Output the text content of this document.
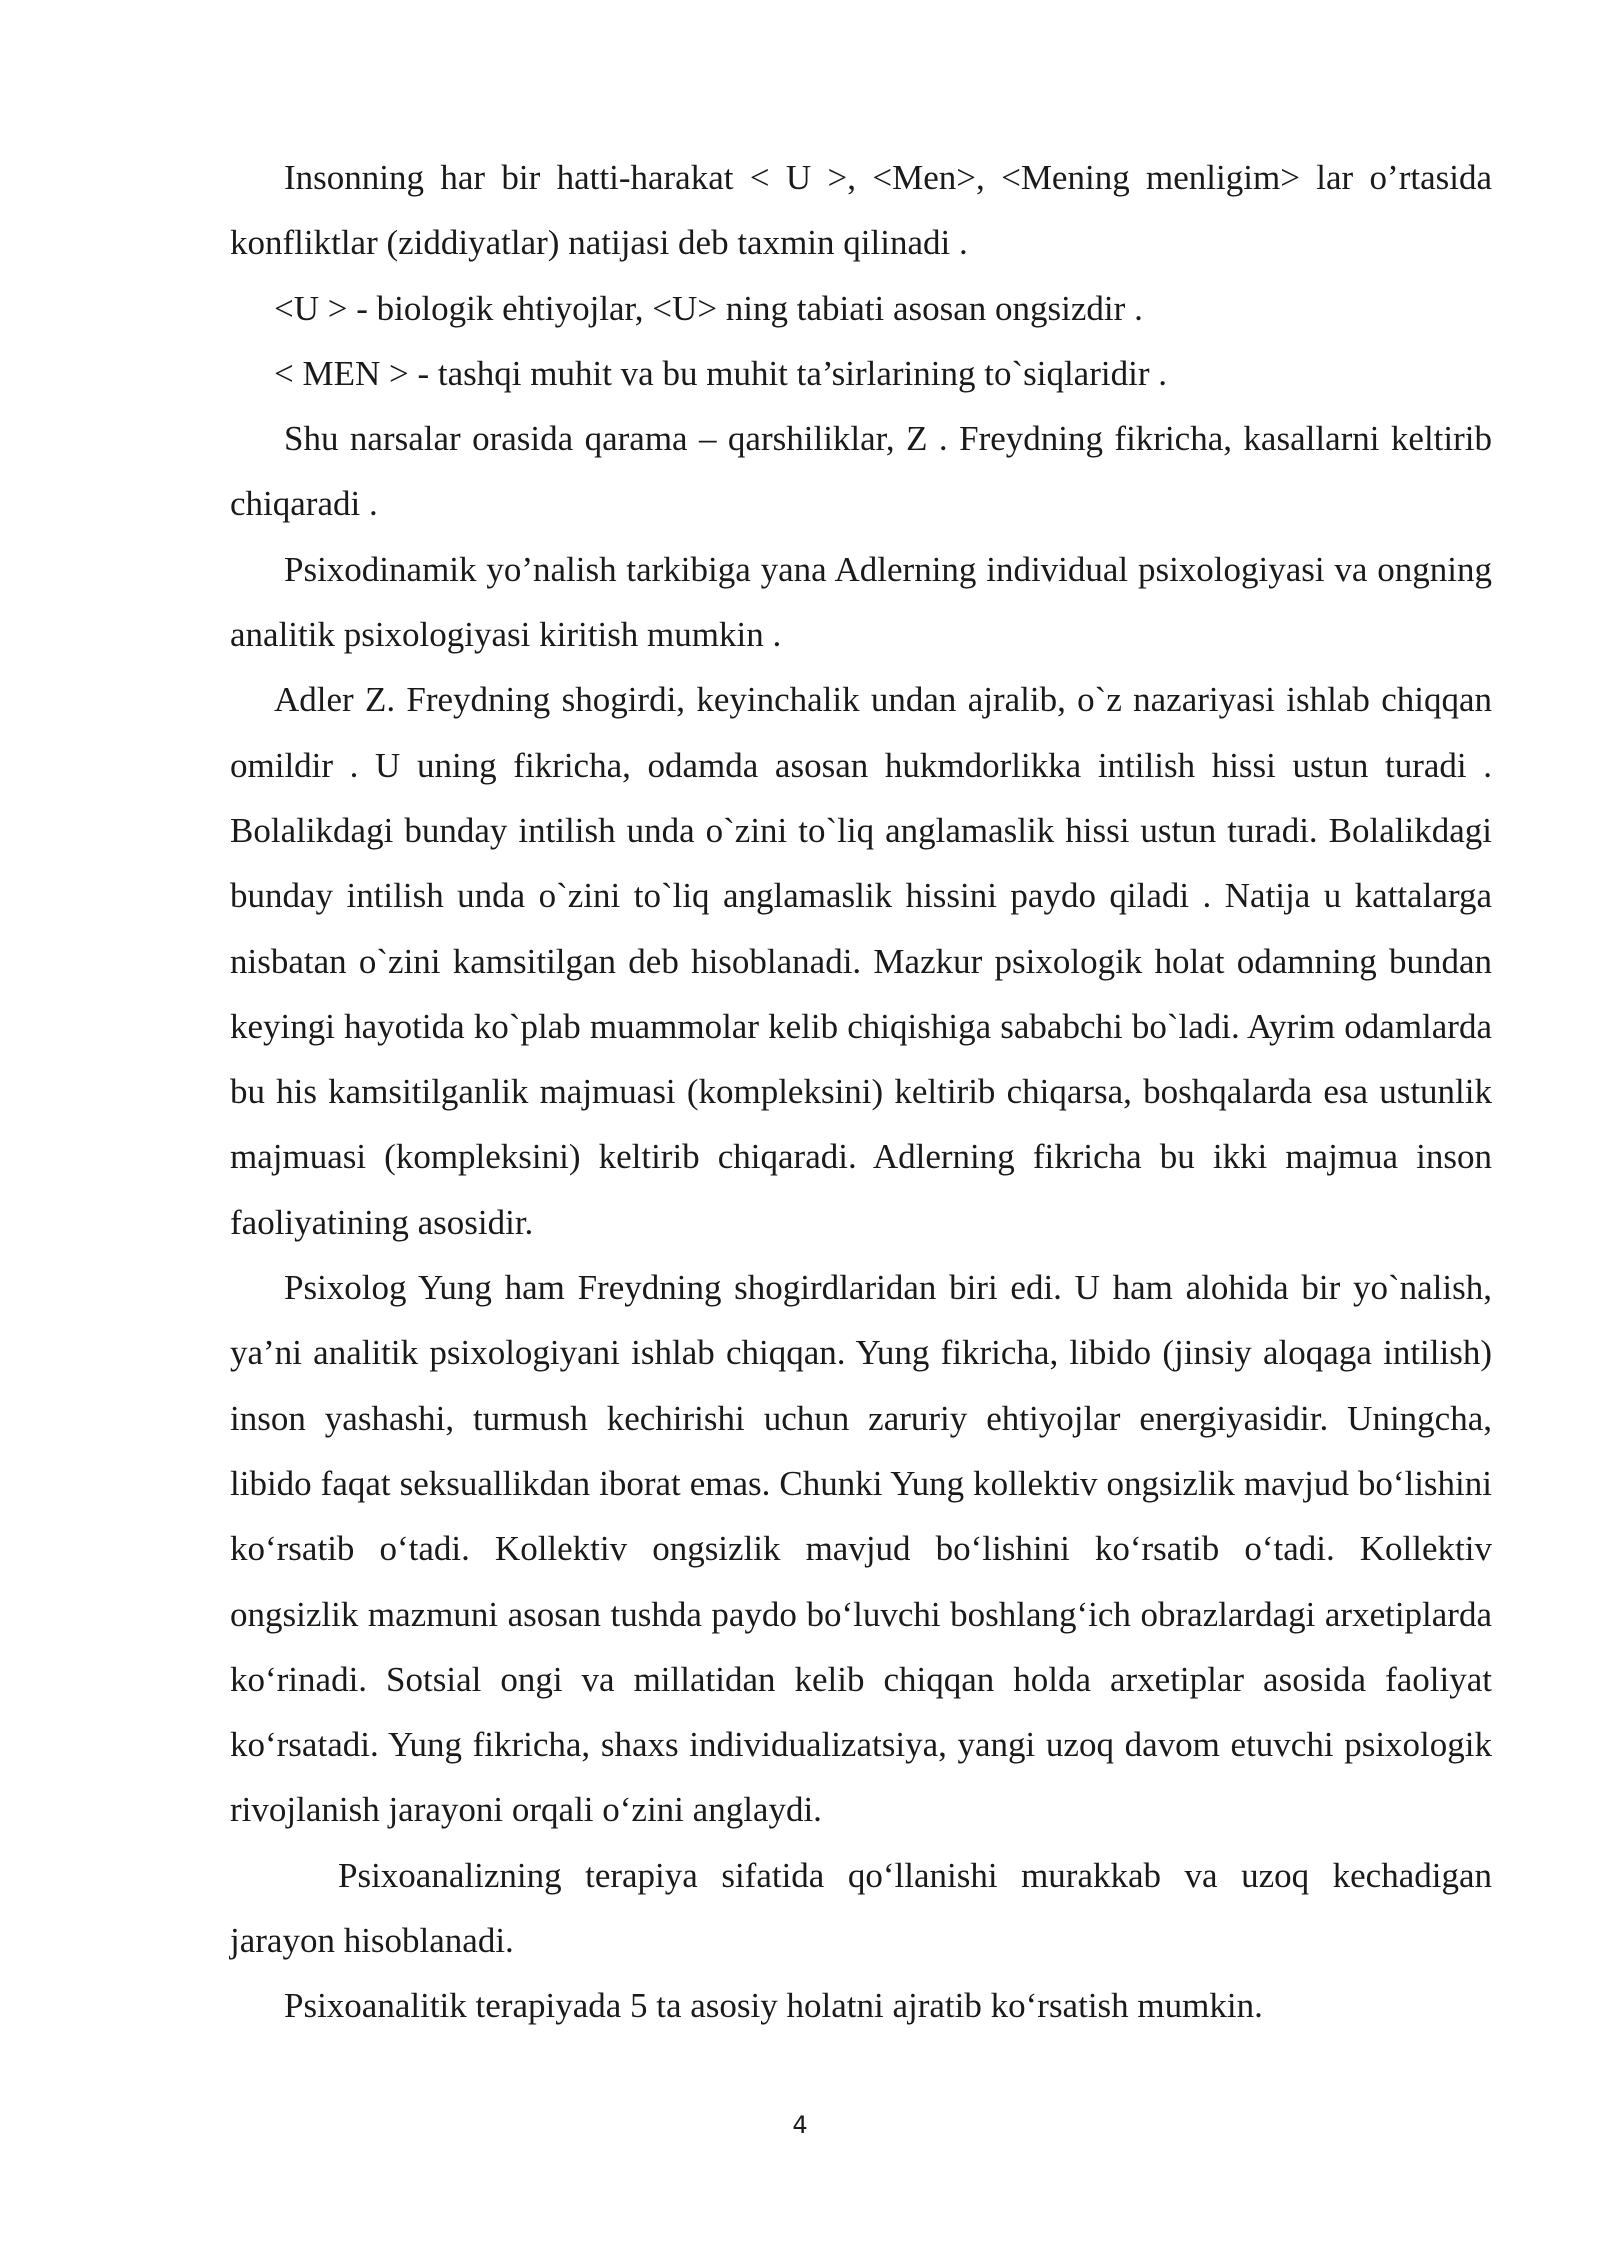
Insonning har bir hatti-harakat < U >, <Men>, <Mening menligim> lar o’rtasida konfliktlar (ziddiyatlar) natijasi deb taxmin qilinadi .

<U > - biologik ehtiyojlar, <U> ning tabiati asosan ongsizdir .

< MEN > - tashqi muhit va bu muhit ta’sirlarining to`siqlaridir .

Shu narsalar orasida qarama – qarshiliklar, Z . Freydning fikricha, kasallarni keltirib chiqaradi .

Psixodinamik yo’nalish tarkibiga yana Adlerning individual psixologiyasi va ongning analitik psixologiyasi kiritish mumkin .

Adler Z. Freydning shogirdi, keyinchalik undan ajralib, o`z nazariyasi ishlab chiqqan omildir . U uning fikricha, odamda asosan hukmdorlikka intilish hissi ustun turadi . Bolalikdagi bunday intilish unda o`zini to`liq anglamaslik hissi ustun turadi. Bolalikdagi bunday intilish unda o`zini to`liq anglamaslik hissini paydo qiladi . Natija u kattalarga nisbatan o`zini kamsitilgan deb hisoblanadi. Mazkur psixologik holat odamning bundan keyingi hayotida ko`plab muammolar kelib chiqishiga sababchi bo`ladi. Ayrim odamlarda bu his kamsitilganlik majmuasi (kompleksini) keltirib chiqarsa, boshqalarda esa ustunlik majmuasi (kompleksini) keltirib chiqaradi. Adlerning fikricha bu ikki majmua inson faoliyatining asosidir.

Psixolog Yung ham Freydning shogirdlaridan biri edi. U ham alohida bir yo`nalish, ya’ni analitik psixologiyani ishlab chiqqan. Yung fikricha, libido (jinsiy aloqaga intilish) inson yashashi, turmush kechirishi uchun zaruriy ehtiyojlar energiyasidir. Uningcha, libido faqat seksuallikdan iborat emas. Chunki Yung kollektiv ongsizlik mavjud bo‘lishini ko‘rsatib o‘tadi. Kollektiv ongsizlik mavjud bo‘lishini ko‘rsatib o‘tadi. Kollektiv ongsizlik mazmuni asosan tushda paydo bo‘luvchi boshlang‘ich obrazlardagi arxetiplarda ko‘rinadi. Sotsial ongi va millatidan kelib chiqqan holda arxetiplar asosida faoliyat ko‘rsatadi. Yung fikricha, shaxs individualizatsiya, yangi uzoq davom etuvchi psixologik rivojlanish jarayoni orqali o‘zini anglaydi.

Psixoanalizning terapiya sifatida qo‘llanishi murakkab va uzoq kechadigan jarayon hisoblanadi.

Psixoanalitik terapiyada 5 ta asosiy holatni ajratib ko‘rsatish mumkin.

4
